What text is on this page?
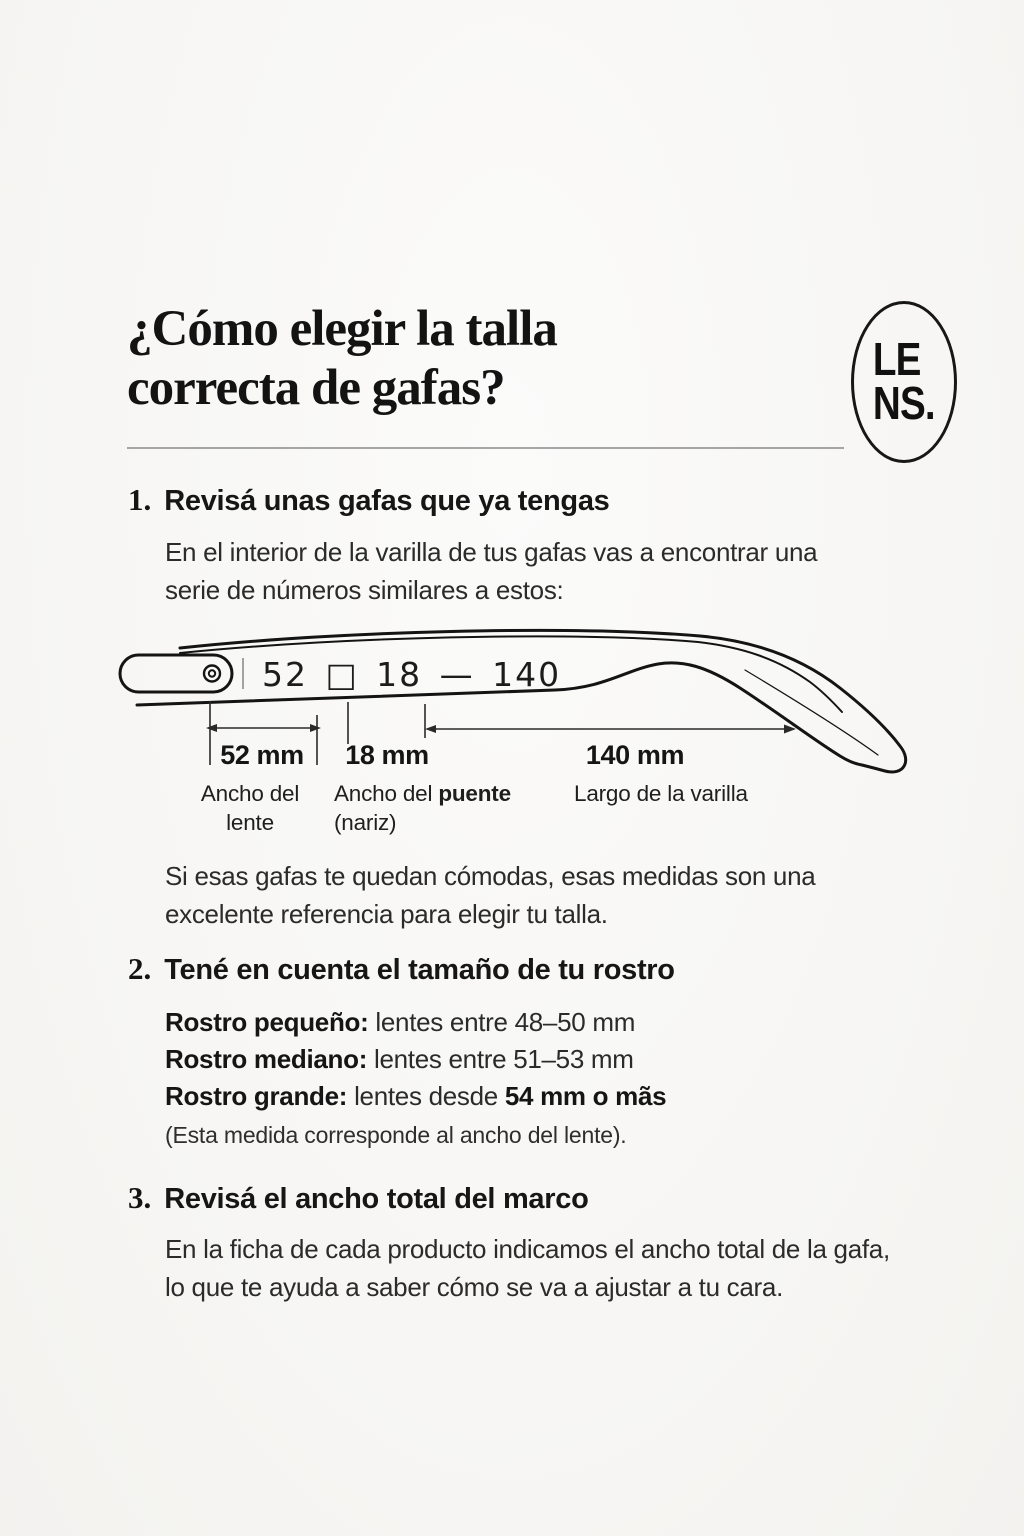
¿Cómo elegir la talla
correcta de gafas?
LE
NS.
1. Revisá unas gafas que ya tengas
En el interior de la varilla de tus gafas vas a encontrar una
serie de números similares a estos:
52 □ 18 — 140
52 mm	18 mm	140 mm
Ancho del
lente
Ancho del puente
(nariz)
Largo de la varilla
Si esas gafas te quedan cómodas, esas medidas son una
excelente referencia para elegir tu talla.
2. Tené en cuenta el tamaño de tu rostro
Rostro pequeño: lentes entre 48–50 mm
Rostro mediano: lentes entre 51–53 mm
Rostro grande: lentes desde 54 mm o mãs
(Esta medida corresponde al ancho del lente).
3. Revisá el ancho total del marco
En la ficha de cada producto indicamos el ancho total de la gafa,
lo que te ayuda a saber cómo se va a ajustar a tu cara.
